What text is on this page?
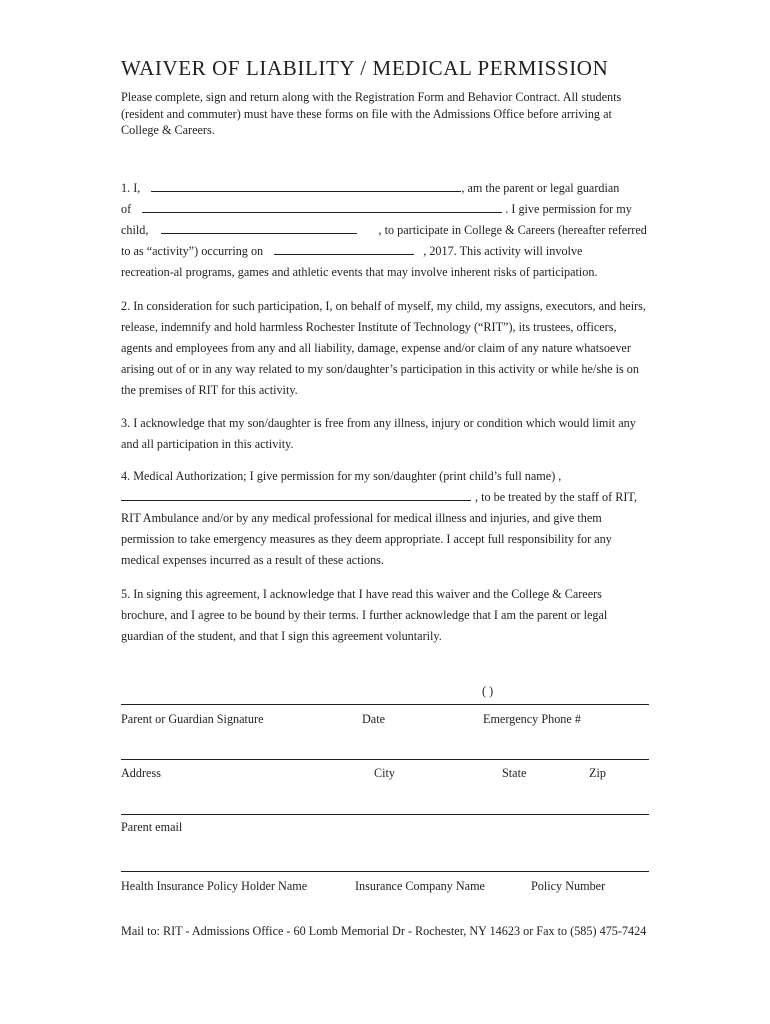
WAIVER OF LIABILITY / MEDICAL PERMISSION
Please complete, sign and return along with the Registration Form and Behavior Contract. All students (resident and commuter) must have these forms on file with the Admissions Office before arriving at College & Careers.
1. I,	, am the parent or legal guardian
of	. I give permission for my
child,	, to participate in College & Careers (hereafter referred
to as “activity”) occurring on	, 2017. This activity will involve
recreation-al programs, games and athletic events that may involve inherent risks of participation.
2. In consideration for such participation, I, on behalf of myself, my child, my assigns, executors, and heirs, release, indemnify and hold harmless Rochester Institute of Technology (“RIT”), its trustees, officers, agents and employees from any and all liability, damage, expense and/or claim of any nature whatsoever arising out of or in any way related to my son/daughter’s participation in this activity or while he/she is on the premises of RIT for this activity.
3. I acknowledge that my son/daughter is free from any illness, injury or condition which would limit any and all participation in this activity.
4. Medical Authorization; I give permission for my son/daughter (print child’s full name) ,
, to be treated by the staff of RIT,
RIT Ambulance and/or by any medical professional for medical illness and injuries, and give them permission to take emergency measures as they deem appropriate. I accept full responsibility for any medical expenses incurred as a result of these actions.
5. In signing this agreement, I acknowledge that I have read this waiver and the College & Careers brochure, and I agree to be bound by their terms. I further acknowledge that I am the parent or legal guardian of the student, and that I sign this agreement voluntarily.
( )
Parent or Guardian Signature	Date	Emergency Phone #
Address	City	State	Zip
Parent email
Health Insurance Policy Holder Name	Insurance Company Name	Policy Number
Mail to: RIT - Admissions Office - 60 Lomb Memorial Dr - Rochester, NY 14623 or Fax to (585) 475-7424
